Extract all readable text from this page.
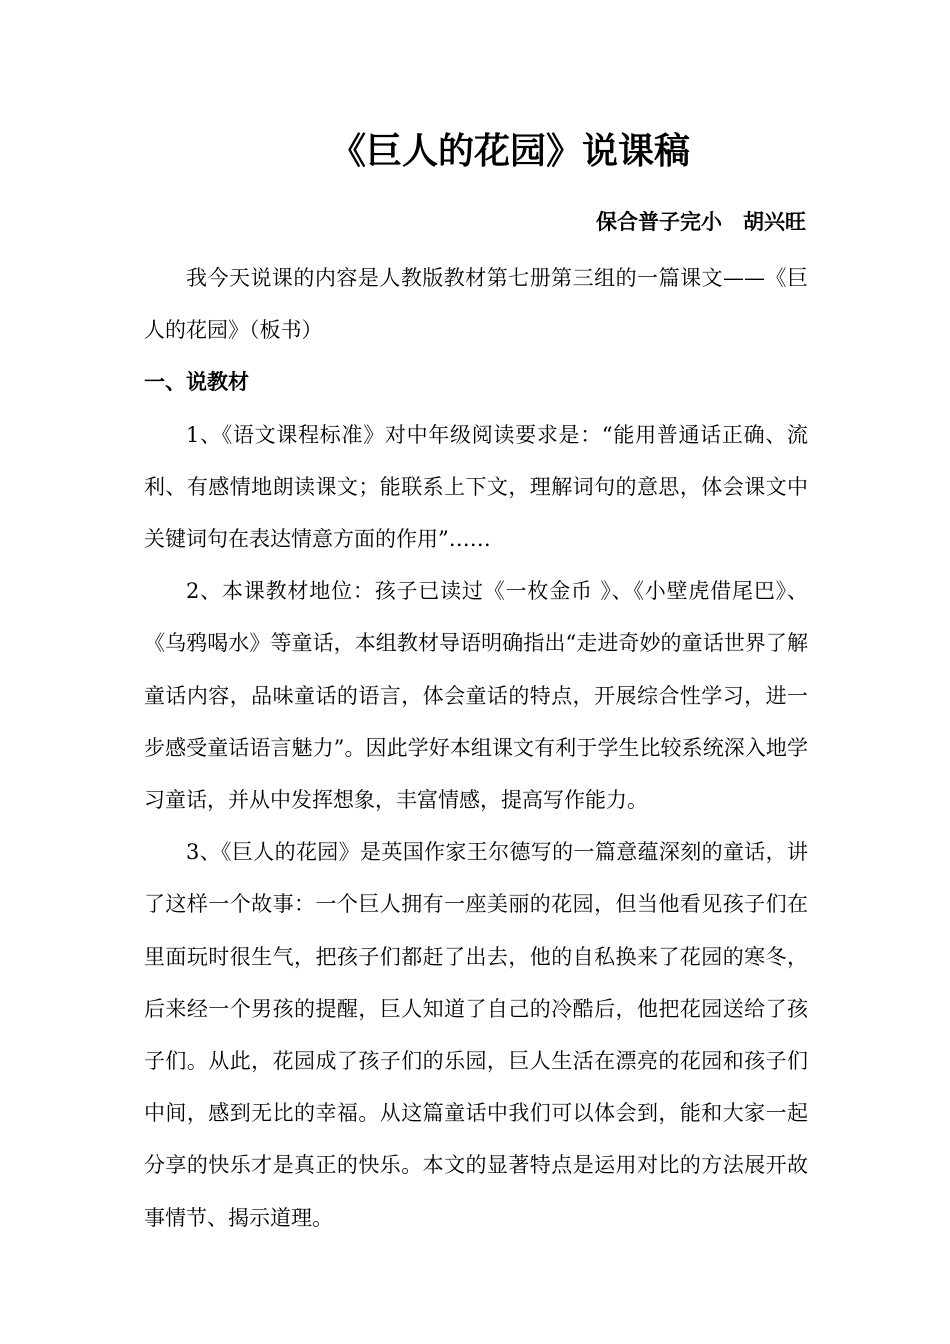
《巨人的花园》说课稿
保合普子完小　胡兴旺

我今天说课的内容是人教版教材第七册第三组的一篇课文——《巨人的花园》（板书）

一、说教材

1、《语文课程标准》对中年级阅读要求是：“能用普通话正确、流利、有感情地朗读课文；能联系上下文，理解词句的意思，体会课文中关键词句在表达情意方面的作用”……

2、本课教材地位：孩子已读过《一枚金币 》、《小壁虎借尾巴》、《乌鸦喝水》等童话，本组教材导语明确指出“走进奇妙的童话世界了解童话内容，品味童话的语言，体会童话的特点，开展综合性学习，进一步感受童话语言魅力”。因此学好本组课文有利于学生比较系统深入地学习童话，并从中发挥想象，丰富情感，提高写作能力。

3、《巨人的花园》是英国作家王尔德写的一篇意蕴深刻的童话，讲了这样一个故事：一个巨人拥有一座美丽的花园，但当他看见孩子们在里面玩时很生气，把孩子们都赶了出去，他的自私换来了花园的寒冬，后来经一个男孩的提醒，巨人知道了自己的冷酷后，他把花园送给了孩子们。从此，花园成了孩子们的乐园，巨人生活在漂亮的花园和孩子们中间，感到无比的幸福。从这篇童话中我们可以体会到，能和大家一起分享的快乐才是真正的快乐。本文的显著特点是运用对比的方法展开故事情节、揭示道理。
